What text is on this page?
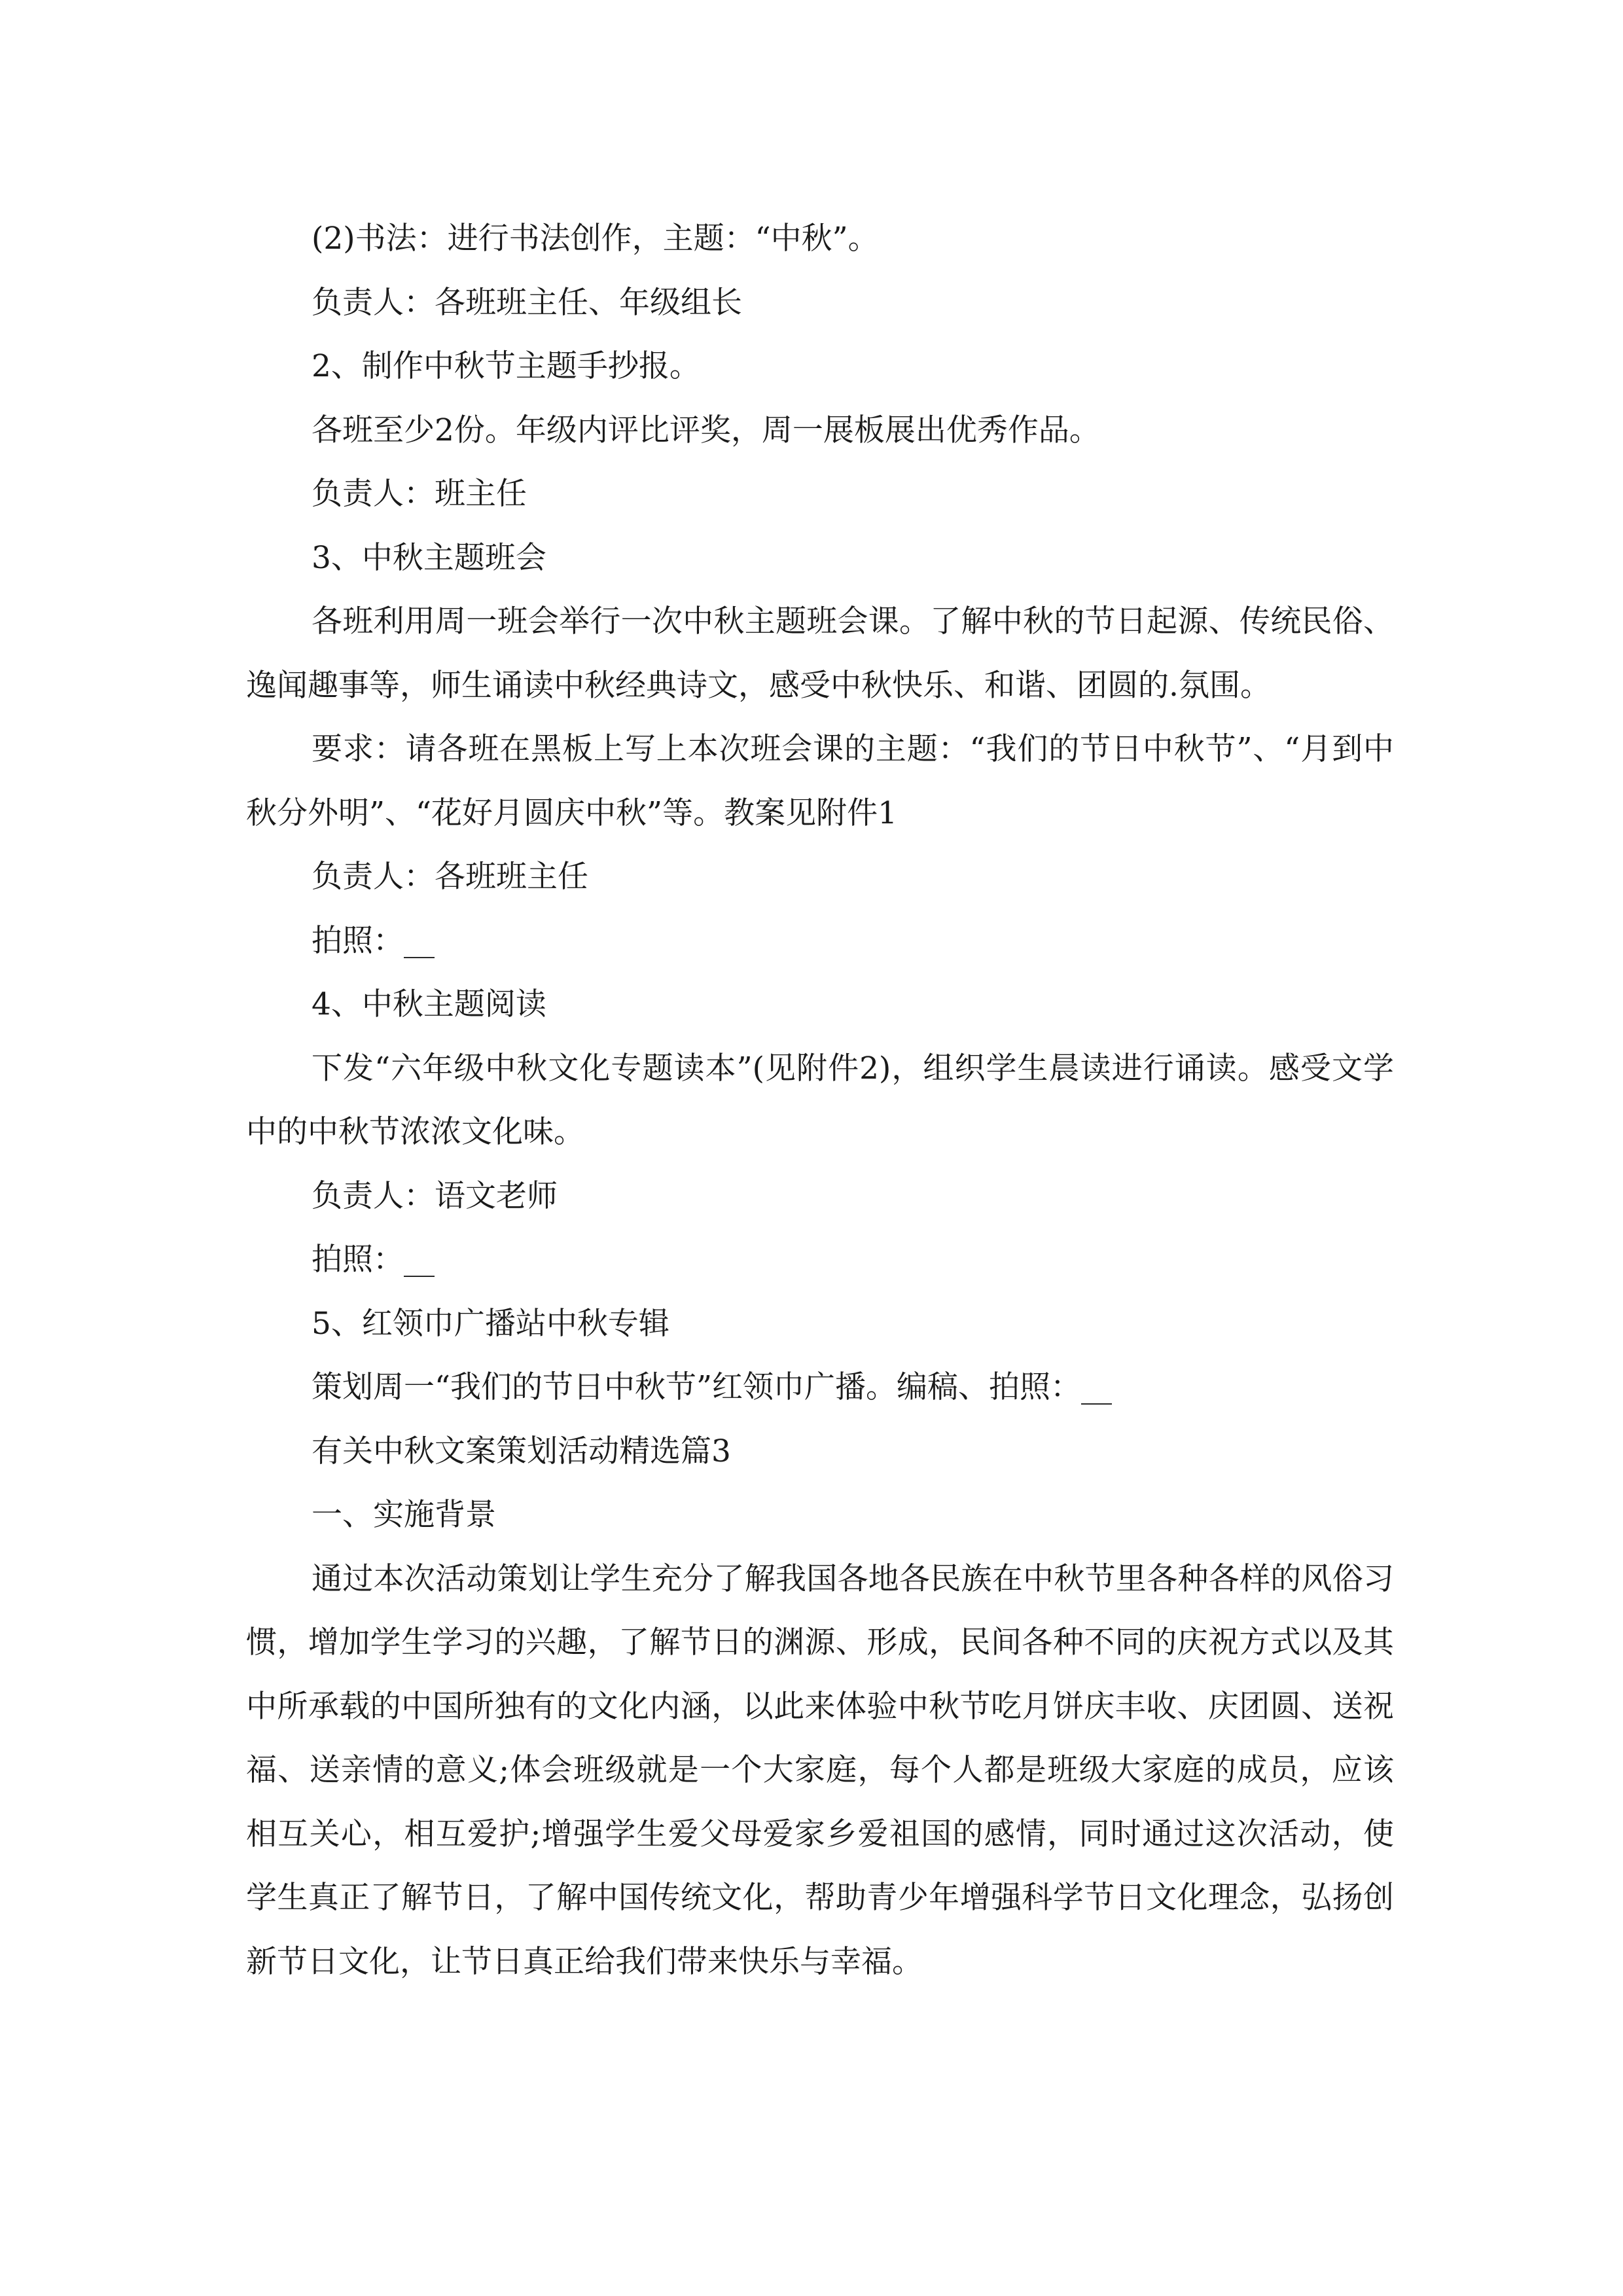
(2)书法：进行书法创作，主题：“中秋”。

负责人：各班班主任、年级组长

2、制作中秋节主题手抄报。

各班至少2份。年级内评比评奖，周一展板展出优秀作品。

负责人：班主任

3、中秋主题班会

各班利用周一班会举行一次中秋主题班会课。了解中秋的节日起源、传统民俗、逸闻趣事等，师生诵读中秋经典诗文，感受中秋快乐、和谐、团圆的.氛围。

要求：请各班在黑板上写上本次班会课的主题：“我们的节日中秋节”、“月到中秋分外明”、“花好月圆庆中秋”等。教案见附件1

负责人：各班班主任

拍照：__

4、中秋主题阅读

下发“六年级中秋文化专题读本”(见附件2)，组织学生晨读进行诵读。感受文学中的中秋节浓浓文化味。

负责人：语文老师

拍照：__

5、红领巾广播站中秋专辑

策划周一“我们的节日中秋节”红领巾广播。编稿、拍照：__

有关中秋文案策划活动精选篇3

一、实施背景

通过本次活动策划让学生充分了解我国各地各民族在中秋节里各种各样的风俗习惯，增加学生学习的兴趣，了解节日的渊源、形成，民间各种不同的庆祝方式以及其中所承载的中国所独有的文化内涵，以此来体验中秋节吃月饼庆丰收、庆团圆、送祝福、送亲情的意义;体会班级就是一个大家庭，每个人都是班级大家庭的成员，应该相互关心，相互爱护;增强学生爱父母爱家乡爱祖国的感情，同时通过这次活动，使学生真正了解节日，了解中国传统文化，帮助青少年增强科学节日文化理念，弘扬创新节日文化，让节日真正给我们带来快乐与幸福。
